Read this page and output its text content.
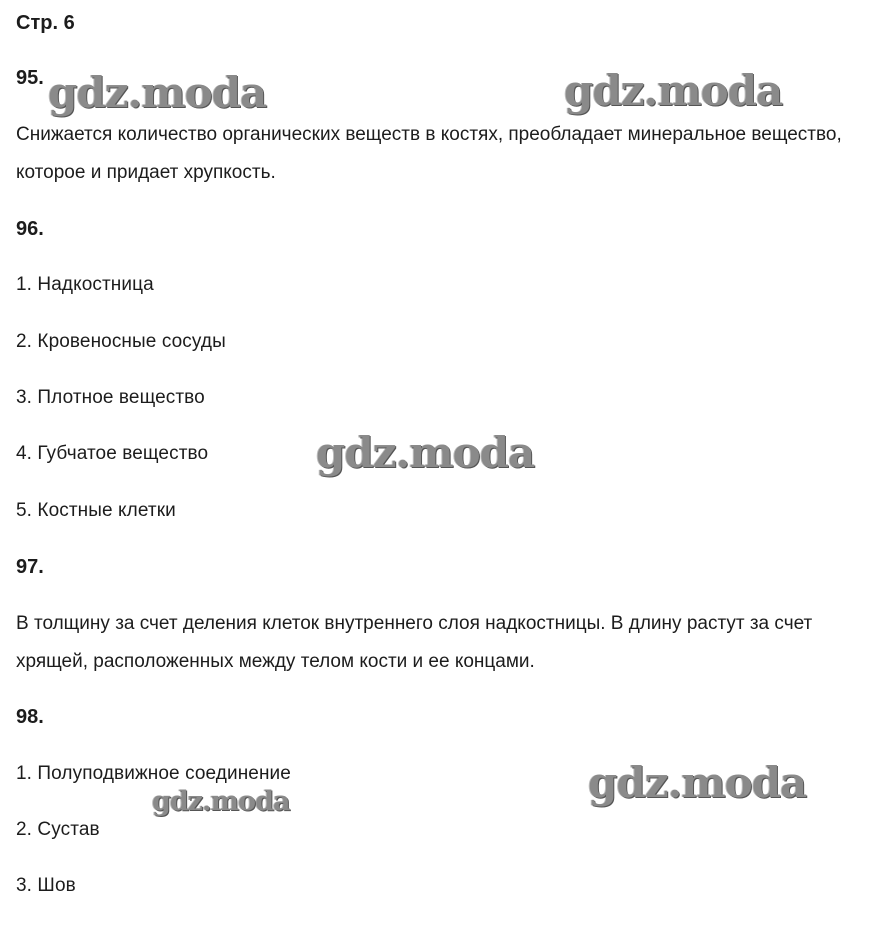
Стр. 6
95.
Снижается количество органических веществ в костях, преобладает минеральное вещество, которое и придает хрупкость.
96.
1. Надкостница
2. Кровеносные сосуды
3. Плотное вещество
4. Губчатое вещество
5. Костные клетки
97.
В толщину за счет деления клеток внутреннего слоя надкостницы. В длину растут за счет хрящей, расположенных между телом кости и ее концами.
98.
1. Полуподвижное соединение
2. Сустав
3. Шов
gdz.moda	gdz.moda
gdz.moda
gdz.moda
gdz.moda
